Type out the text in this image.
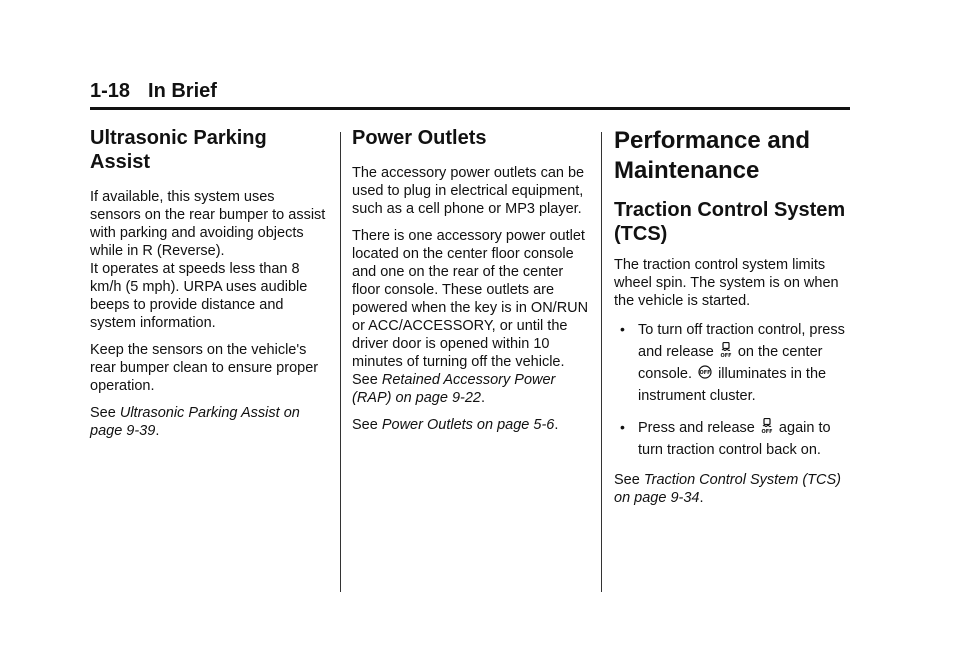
1-18 In Brief
Ultrasonic Parking Assist

If available, this system uses sensors on the rear bumper to assist with parking and avoiding objects while in R (Reverse).
It operates at speeds less than 8 km/h (5 mph). URPA uses audible beeps to provide distance and system information.

Keep the sensors on the vehicle's rear bumper clean to ensure proper operation.

See Ultrasonic Parking Assist on page 9-39.

Power Outlets

The accessory power outlets can be used to plug in electrical equipment, such as a cell phone or MP3 player.

There is one accessory power outlet located on the center floor console and one on the rear of the center floor console. These outlets are powered when the key is in ON/RUN or ACC/ACCESSORY, or until the driver door is opened within 10 minutes of turning off the vehicle.
See Retained Accessory Power (RAP) on page 9-22.

See Power Outlets on page 5-6.

Performance and Maintenance
Traction Control System (TCS)

The traction control system limits wheel spin. The system is on when the vehicle is started.

• To turn off traction control, press and release OFF on the center console. OFF illuminates in the instrument cluster.
• Press and release OFF again to turn traction control back on.

See Traction Control System (TCS) on page 9-34.
